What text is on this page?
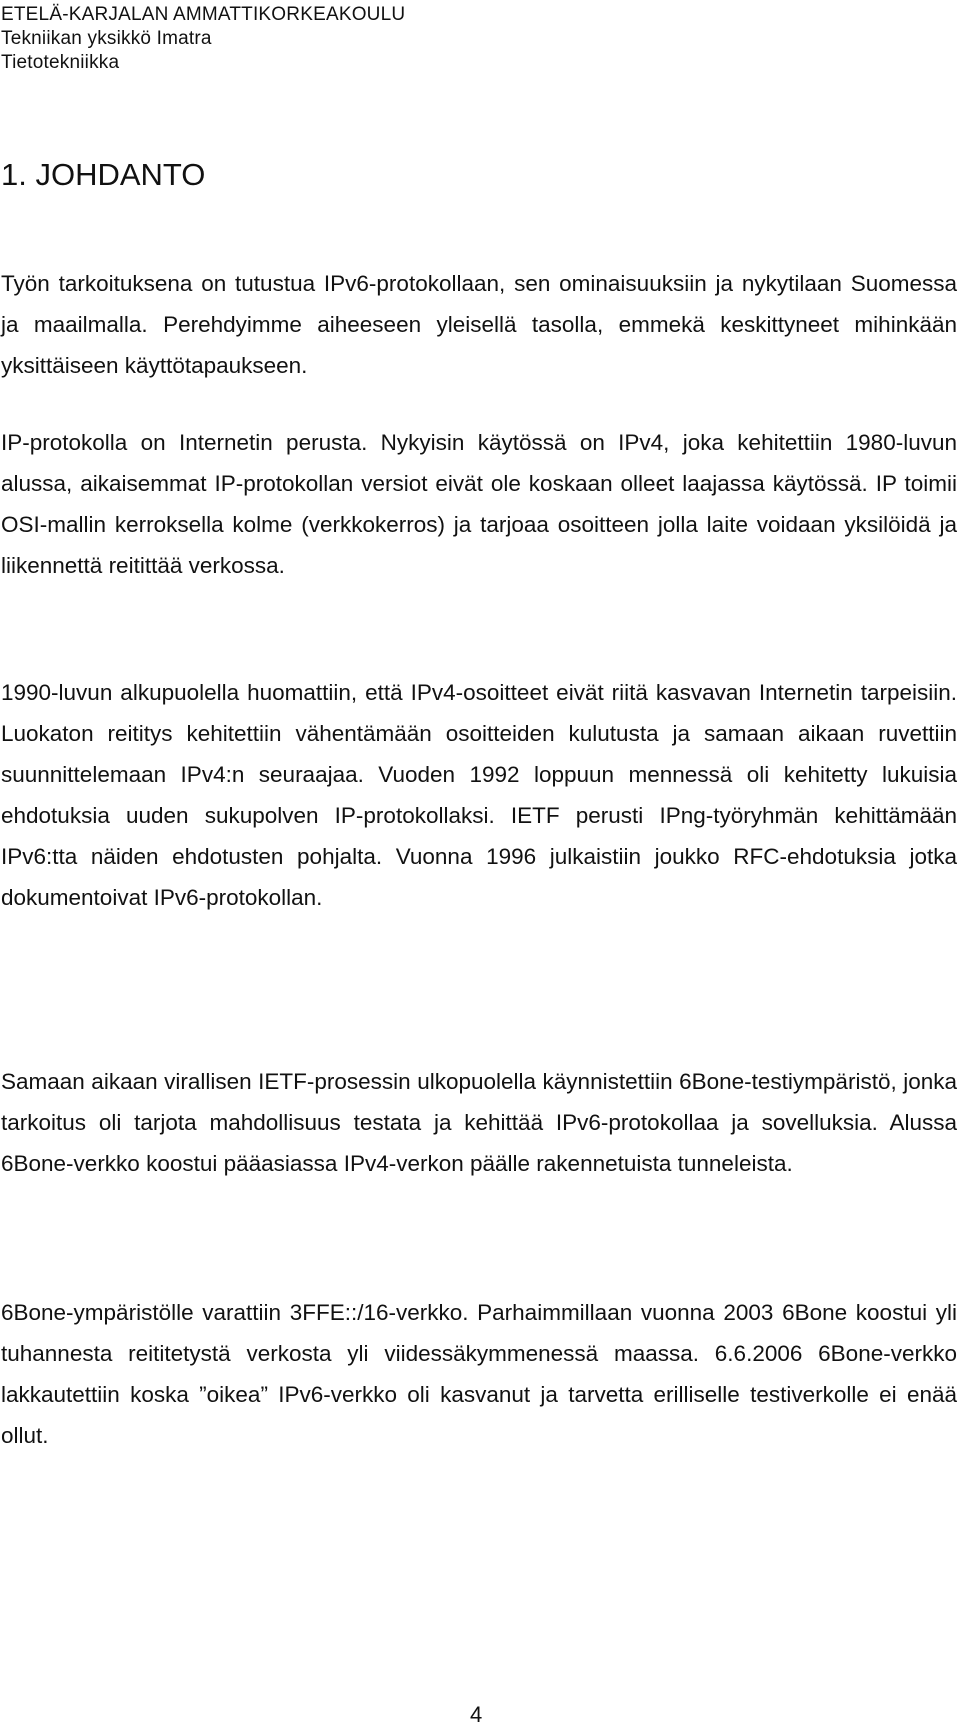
ETELÄ-KARJALAN AMMATTIKORKEAKOULU
Tekniikan yksikkö Imatra
Tietotekniikka
1. JOHDANTO

Työn tarkoituksena on tutustua IPv6-protokollaan, sen ominaisuuksiin ja nykytilaan Suomessa ja maailmalla. Perehdyimme aiheeseen yleisellä tasolla, emmekä keskittyneet mihinkään yksittäiseen käyttötapaukseen.

IP-protokolla on Internetin perusta. Nykyisin käytössä on IPv4, joka kehitettiin 1980-luvun alussa, aikaisemmat IP-protokollan versiot eivät ole koskaan olleet laajassa käytössä. IP toimii OSI-mallin kerroksella kolme (verkkokerros) ja tarjoaa osoitteen jolla laite voidaan yksilöidä ja liikennettä reitittää verkossa.

1990-luvun alkupuolella huomattiin, että IPv4-osoitteet eivät riitä kasvavan Internetin tarpeisiin. Luokaton reititys kehitettiin vähentämään osoitteiden kulutusta ja samaan aikaan ruvettiin suunnittelemaan IPv4:n seuraajaa. Vuoden 1992 loppuun mennessä oli kehitetty lukuisia ehdotuksia uuden sukupolven IP-protokollaksi. IETF perusti IPng-työryhmän kehittämään IPv6:tta näiden ehdotusten pohjalta. Vuonna 1996 julkaistiin joukko RFC-ehdotuksia jotka dokumentoivat IPv6-protokollan.

Samaan aikaan virallisen IETF-prosessin ulkopuolella käynnistettiin 6Bone-testiympäristö, jonka tarkoitus oli tarjota mahdollisuus testata ja kehittää IPv6-protokollaa ja sovelluksia. Alussa 6Bone-verkko koostui pääasiassa IPv4-verkon päälle rakennetuista tunneleista.

6Bone-ympäristölle varattiin 3FFE::/16-verkko. Parhaimmillaan vuonna 2003 6Bone koostui yli tuhannesta reititetystä verkosta yli viidessäkymmenessä maassa. 6.6.2006 6Bone-verkko lakkautettiin koska ”oikea” IPv6-verkko oli kasvanut ja tarvetta erilliselle testiverkolle ei enää ollut.

4
